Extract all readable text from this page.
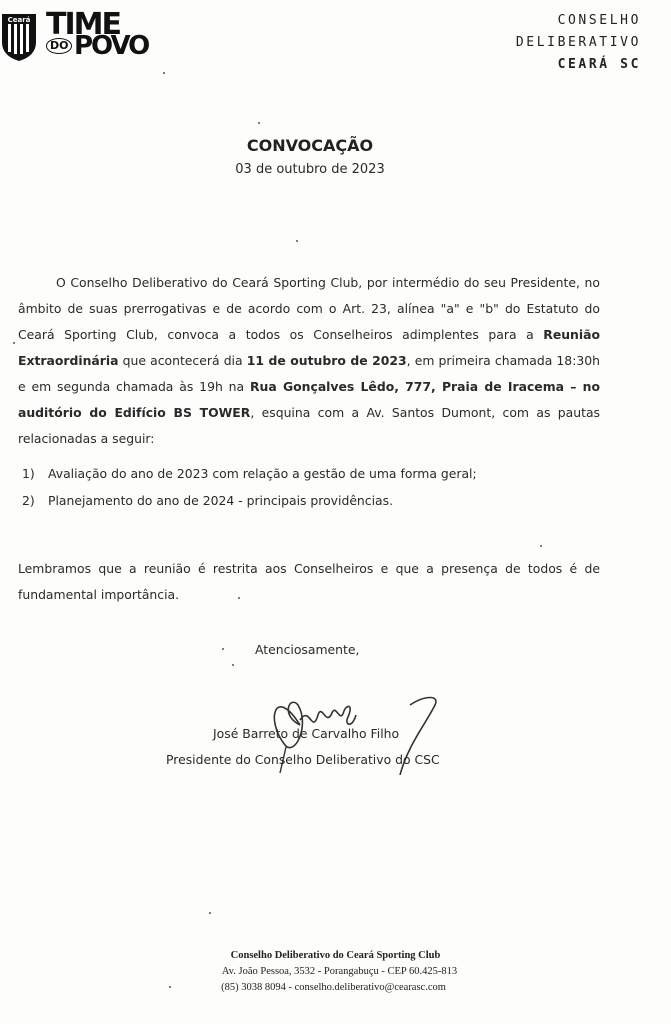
Ceará TIME
DO POVO
CONSELHO
DELIBERATIVO
CEARÁ SC
CONVOCAÇÃO
03 de outubro de 2023
O Conselho Deliberativo do Ceará Sporting Club, por intermédio do seu Presidente, no âmbito de suas prerrogativas e de acordo com o Art. 23, alínea "a" e "b" do Estatuto do Ceará Sporting Club, convoca a todos os Conselheiros adimplentes para a Reunião Extraordinária que acontecerá dia 11 de outubro de 2023, em primeira chamada 18:30h e em segunda chamada às 19h na Rua Gonçalves Lêdo, 777, Praia de Iracema – no auditório do Edifício BS TOWER, esquina com a Av. Santos Dumont, com as pautas relacionadas a seguir:
1) Avaliação do ano de 2023 com relação a gestão de uma forma geral;
2) Planejamento do ano de 2024 - principais providências.
Lembramos que a reunião é restrita aos Conselheiros e que a presença de todos é de fundamental importância.
Atenciosamente,
José Barreto de Carvalho Filho
Presidente do Conselho Deliberativo do CSC
Conselho Deliberativo do Ceará Sporting Club
Av. João Pessoa, 3532 - Porangabuçu - CEP 60.425-813
(85) 3038 8094 - conselho.deliberativo@cearasc.com
